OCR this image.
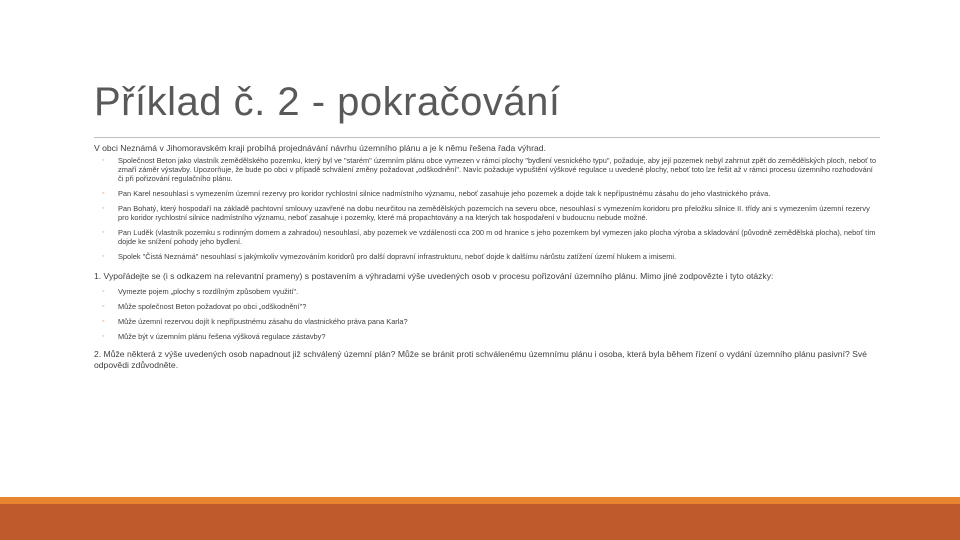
Příklad č. 2 - pokračování

V obci Neznámá v Jihomoravském kraji probíhá projednávání návrhu územního plánu a je k němu řešena řada výhrad.

◦ Společnost Beton jako vlastník zemědělského pozemku, který byl ve "starém" územním plánu obce vymezen v rámci plochy "bydlení vesnického typu", požaduje, aby její pozemek nebyl zahrnut zpět do zemědělských ploch, neboť to zmaří záměr výstavby. Upozorňuje, že bude po obci v případě schválení změny požadovat „odškodnění". Navíc požaduje vypuštění výškové regulace u uvedené plochy, neboť toto lze řešit až v rámci procesu územního rozhodování či při pořizování regulačního plánu.
◦ Pan Karel nesouhlasí s vymezením územní rezervy pro koridor rychlostní silnice nadmístního významu, neboť zasahuje jeho pozemek a dojde tak k nepřípustnému zásahu do jeho vlastnického práva.
◦ Pan Bohatý, který hospodaří na základě pachtovní smlouvy uzavřené na dobu neurčitou na zemědělských pozemcích na severu obce, nesouhlasí s vymezením koridoru pro přeložku silnice II. třídy ani s vymezením územní rezervy pro koridor rychlostní silnice nadmístního významu, neboť zasahuje i pozemky, které má propachtovány a na kterých tak hospodaření v budoucnu nebude možné.
◦ Pan Luděk (vlastník pozemku s rodinným domem a zahradou) nesouhlasí, aby pozemek ve vzdálenosti cca 200 m od hranice s jeho pozemkem byl vymezen jako plocha výroba a skladování (původně zemědělská plocha), neboť tím dojde ke snížení pohody jeho bydlení.
◦ Spolek "Čistá Neznámá" nesouhlasí s jakýmkoliv vymezováním koridorů pro další dopravní infrastrukturu, neboť dojde k dalšímu nárůstu zatížení území hlukem a imisemi.

1. Vypořádejte se (i s odkazem na relevantní prameny) s postavením a výhradami výše uvedených osob v procesu pořizování územního plánu. Mimo jiné zodpovězte i tyto otázky:

◦ Vymezte pojem „plochy s rozdílným způsobem využití".
◦ Může společnost Beton požadovat po obci „odškodnění"?
◦ Může územní rezervou dojít k nepřípustnému zásahu do vlastnického práva pana Karla?
◦ Může být v územním plánu řešena výšková regulace zástavby?

2. Může některá z výše uvedených osob napadnout již schválený územní plán? Může se bránit proti schválenému územnímu plánu i osoba, která byla během řízení o vydání územního plánu pasivní? Své odpovědi zdůvodněte.
